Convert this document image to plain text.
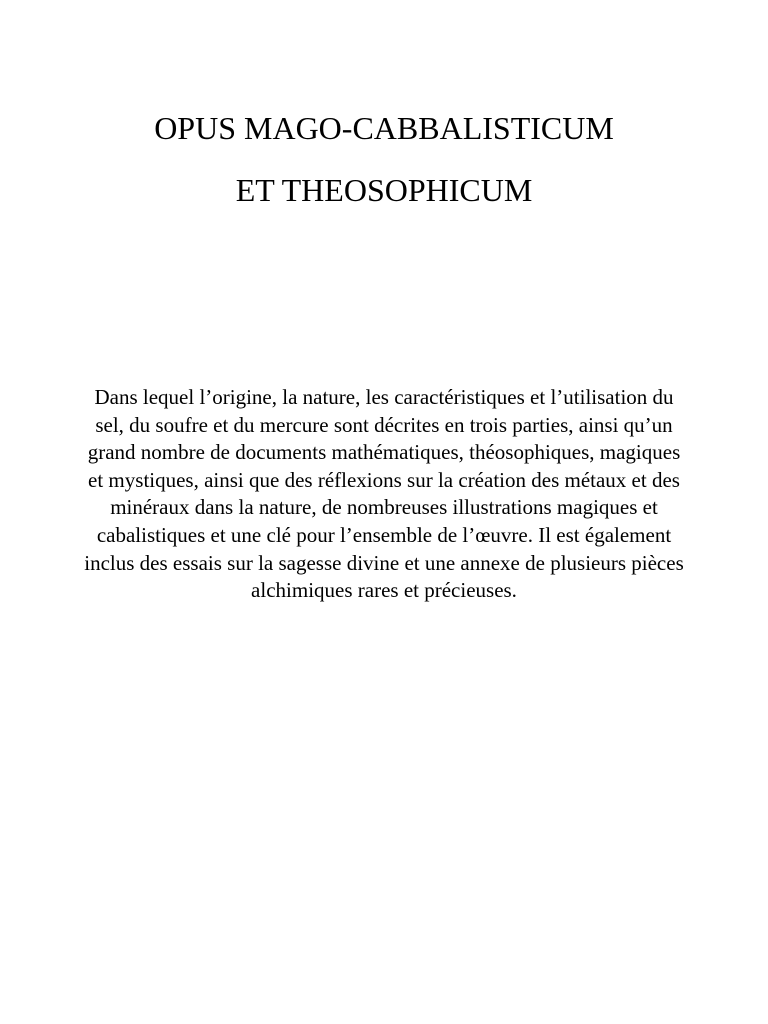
OPUS MAGO-CABBALISTICUM
ET THEOSOPHICUM

Dans lequel l’origine, la nature, les caractéristiques et l’utilisation du sel, du soufre et du mercure sont décrites en trois parties, ainsi qu’un grand nombre de documents mathématiques, théosophiques, magiques et mystiques, ainsi que des réflexions sur la création des métaux et des minéraux dans la nature, de nombreuses illustrations magiques et cabalistiques et une clé pour l’ensemble de l’œuvre. Il est également inclus des essais sur la sagesse divine et une annexe de plusieurs pièces alchimiques rares et précieuses.
